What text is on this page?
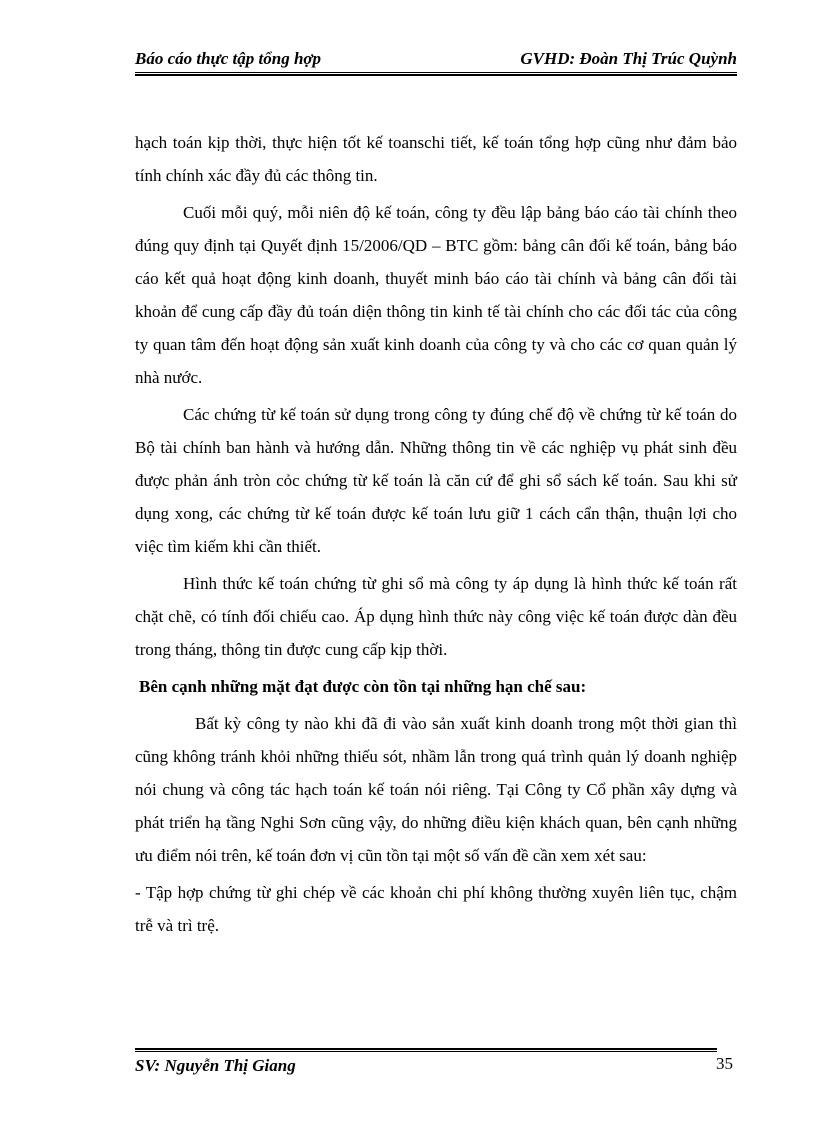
Báo cáo thực tập tổng hợp	GVHD: Đoàn Thị Trúc Quỳnh

hạch toán kịp thời, thực hiện tốt kế toanschi tiết, kế toán tổng hợp cũng như đảm bảo tính chính xác đầy đủ các thông tin.

Cuối mỗi quý, mỗi niên độ kế toán, công ty đều lập bảng báo cáo tài chính theo đúng quy định tại Quyết định 15/2006/QD – BTC gồm: bảng cân đối kế toán, bảng báo cáo kết quả hoạt động kinh doanh, thuyết minh báo cáo tài chính và bảng cân đối tài khoản để cung cấp đầy đủ toán diện thông tin kinh tế tài chính cho các đối tác của công ty quan tâm đến hoạt động sản xuất kinh doanh của công ty và cho các cơ quan quản lý nhà nước.

Các chứng từ kế toán sử dụng trong công ty đúng chế độ về chứng từ kế toán do Bộ tài chính ban hành và hướng dẫn. Những thông tin về các nghiệp vụ phát sinh đều được phản ánh tròn cỏc chứng từ kế toán là căn cứ để ghi sổ sách kế toán. Sau khi sử dụng xong, các chứng từ kế toán được kế toán lưu giữ 1 cách cẩn thận, thuận lợi cho việc tìm kiếm khi cần thiết.

Hình thức kế toán chứng từ ghi sổ mà công ty áp dụng là hình thức kế toán rất chặt chẽ, có tính đối chiếu cao. Áp dụng hình thức này công việc kế toán được dàn đều trong tháng, thông tin được cung cấp kịp thời.

Bên cạnh những mặt đạt được còn tồn tại những hạn chế sau:

Bất kỳ công ty nào khi đã đi vào sản xuất kinh doanh trong một thời gian thì cũng không tránh khỏi những thiếu sót, nhầm lẫn trong quá trình quản lý doanh nghiệp nói chung và công tác hạch toán kế toán nói riêng. Tại Công ty Cổ phần xây dựng và phát triển hạ tầng Nghi Sơn cũng vậy, do những điều kiện khách quan, bên cạnh những ưu điểm nói trên, kế toán đơn vị cũn tồn tại một số vấn đề cần xem xét sau:

- Tập hợp chứng từ ghi chép về các khoản chi phí không thường xuyên liên tục, chậm trễ và trì trệ.

SV: Nguyễn Thị Giang	35
